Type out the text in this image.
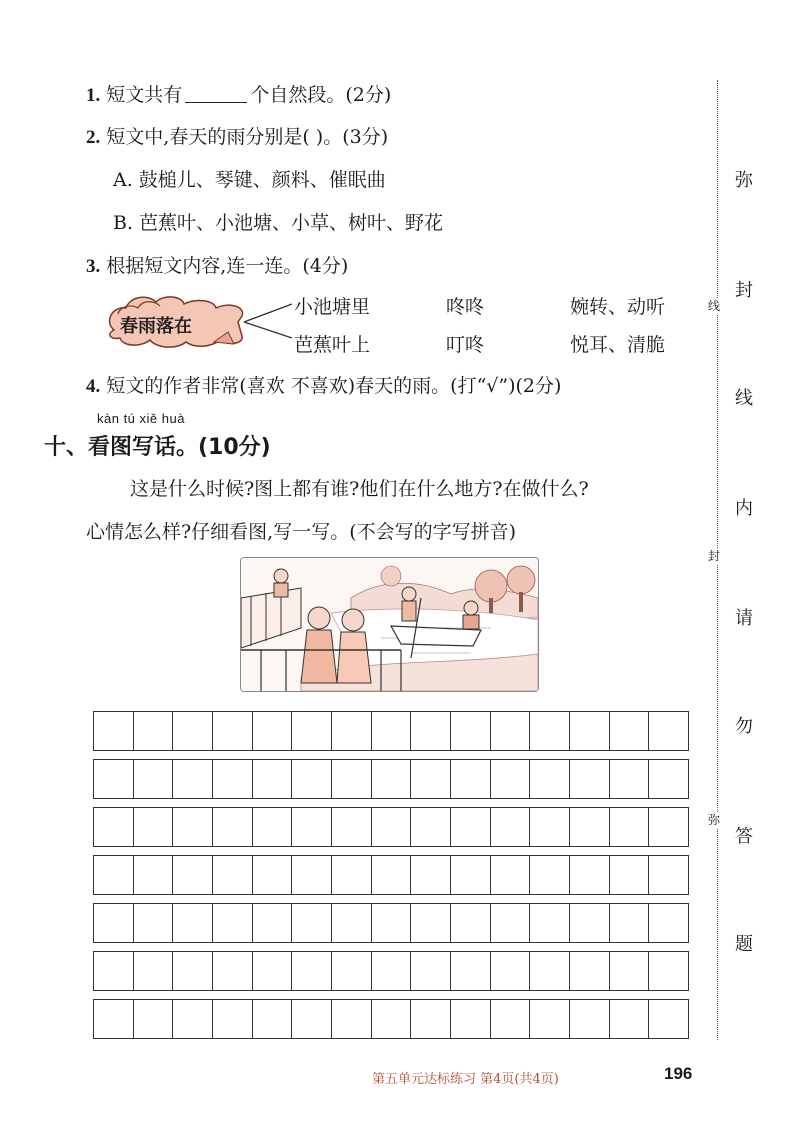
1. 短文共有	个自然段。(2分)
2. 短文中,春天的雨分别是( )。(3分)
A. 鼓槌儿、琴键、颜料、催眠曲
B. 芭蕉叶、小池塘、小草、树叶、野花
3. 根据短文内容,连一连。(4分)
春雨落在
小池塘里
芭蕉叶上
咚咚
叮咚
婉转、动听
悦耳、清脆
4. 短文的作者非常(喜欢 不喜欢)春天的雨。(打“√”)(2分)
kàn tú xiě huà
十、看图写话。(10分)
这是什么时候?图上都有谁?他们在什么地方?在做什么?
心情怎么样?仔细看图,写一写。(不会写的字写拼音)
线
封
弥
弥
封
线
内
请
勿
答
题
第五单元达标练习 第4页(共4页)	196
